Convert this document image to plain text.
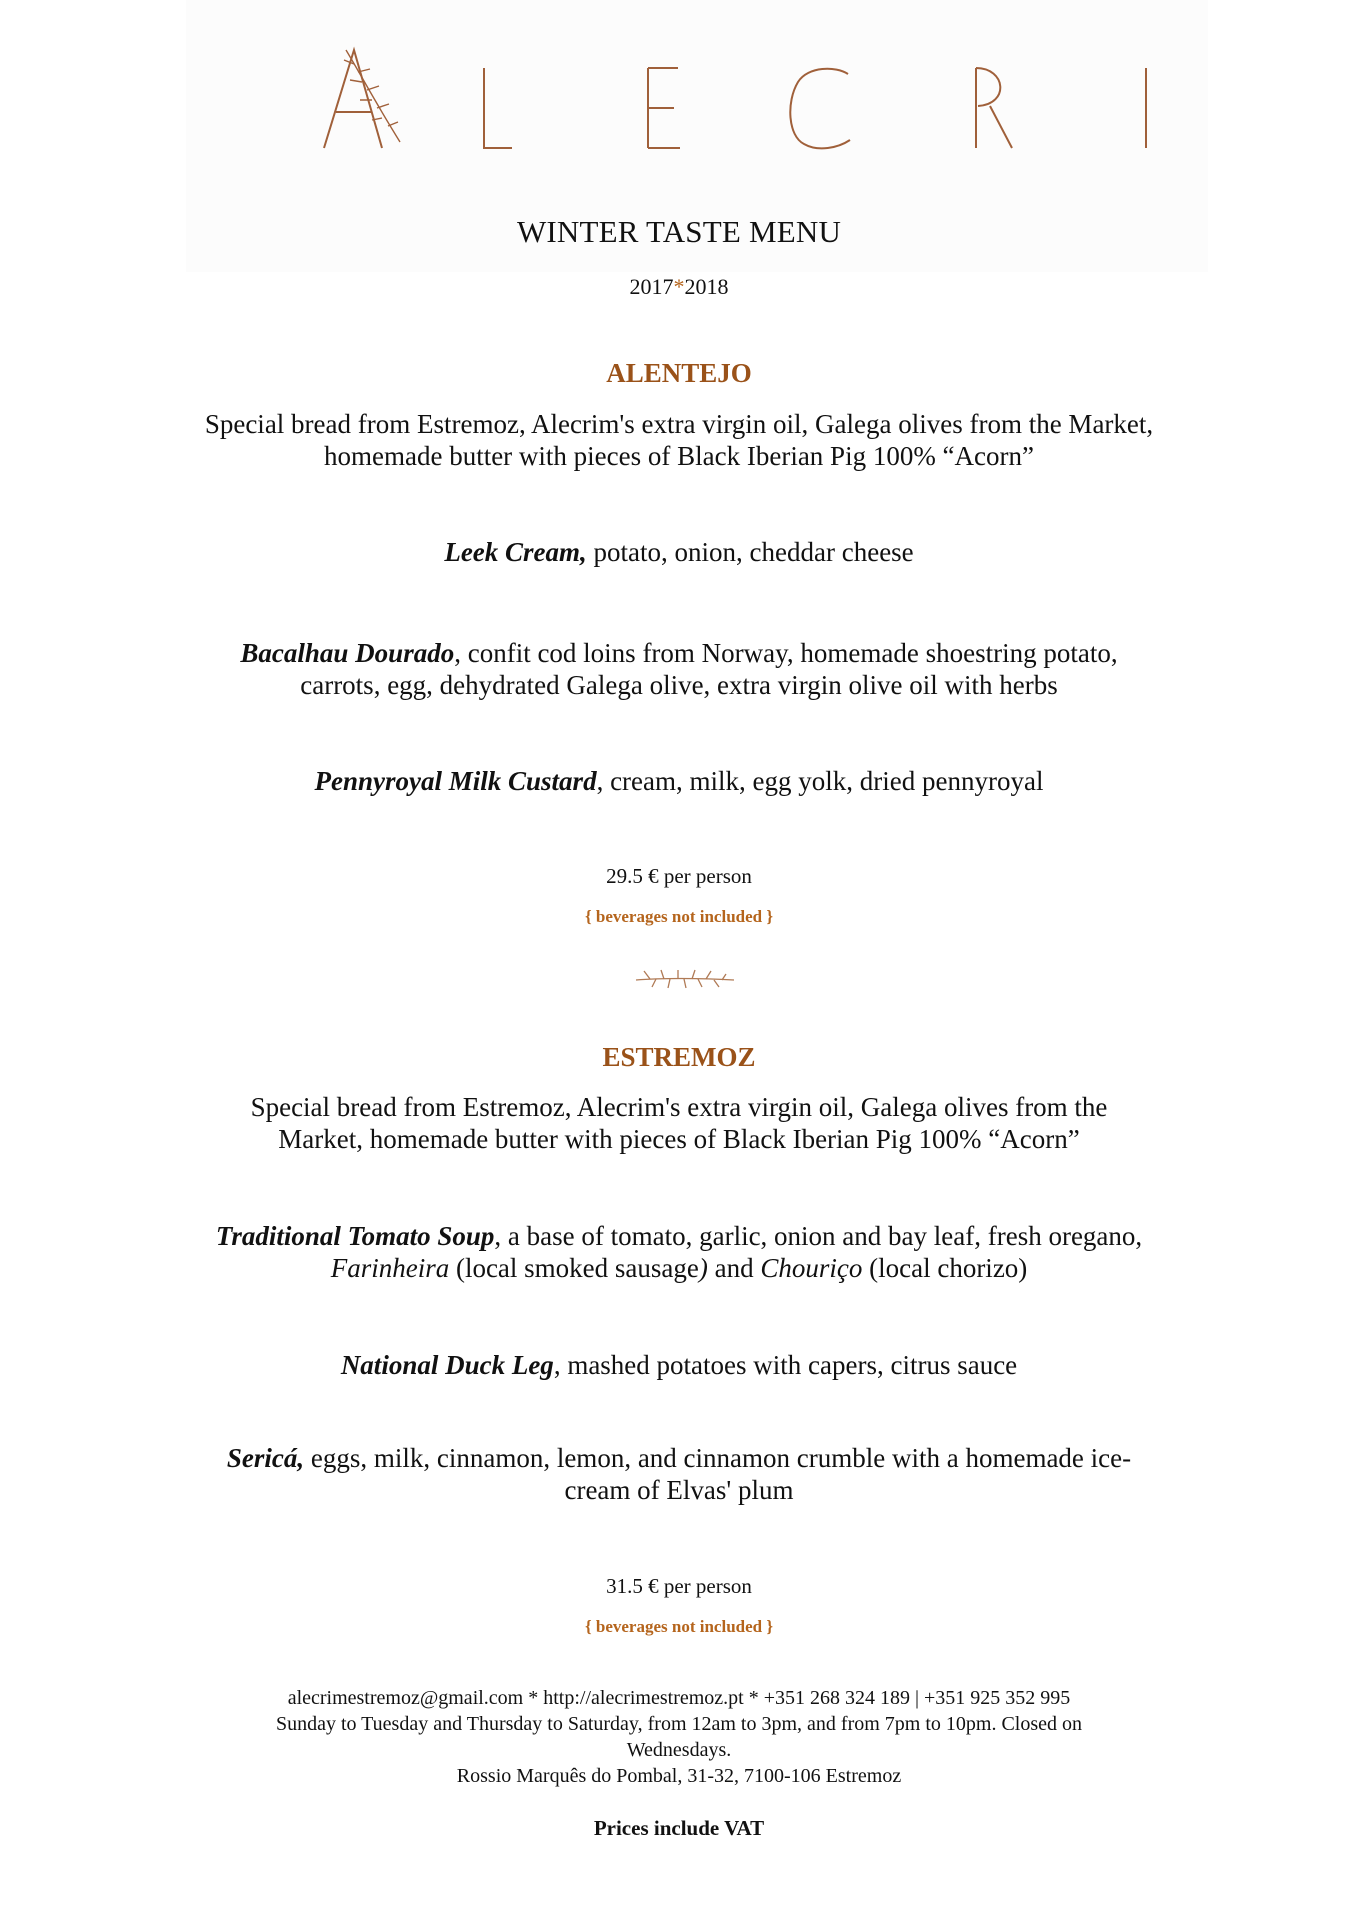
WINTER TASTE MENU
2017*2018
ALENTEJO
Special bread from Estremoz, Alecrim's extra virgin oil, Galega olives from the Market,
homemade butter with pieces of Black Iberian Pig 100% “Acorn”
Leek Cream, potato, onion, cheddar cheese
Bacalhau Dourado, confit cod loins from Norway, homemade shoestring potato,
carrots, egg, dehydrated Galega olive, extra virgin olive oil with herbs
Pennyroyal Milk Custard, cream, milk, egg yolk, dried pennyroyal
29.5 € per person
{ beverages not included }
ESTREMOZ
Special bread from Estremoz, Alecrim's extra virgin oil, Galega olives from the
Market, homemade butter with pieces of Black Iberian Pig 100% “Acorn”
Traditional Tomato Soup, a base of tomato, garlic, onion and bay leaf, fresh oregano,
Farinheira (local smoked sausage) and Chouriço (local chorizo)
National Duck Leg, mashed potatoes with capers, citrus sauce
Sericá, eggs, milk, cinnamon, lemon, and cinnamon crumble with a homemade ice-
cream of Elvas' plum
31.5 € per person
{ beverages not included }
alecrimestremoz@gmail.com * http://alecrimestremoz.pt * +351 268 324 189 | +351 925 352 995
Sunday to Tuesday and Thursday to Saturday, from 12am to 3pm, and from 7pm to 10pm. Closed on
Wednesdays.
Rossio Marquês do Pombal, 31-32, 7100-106 Estremoz
Prices include VAT
